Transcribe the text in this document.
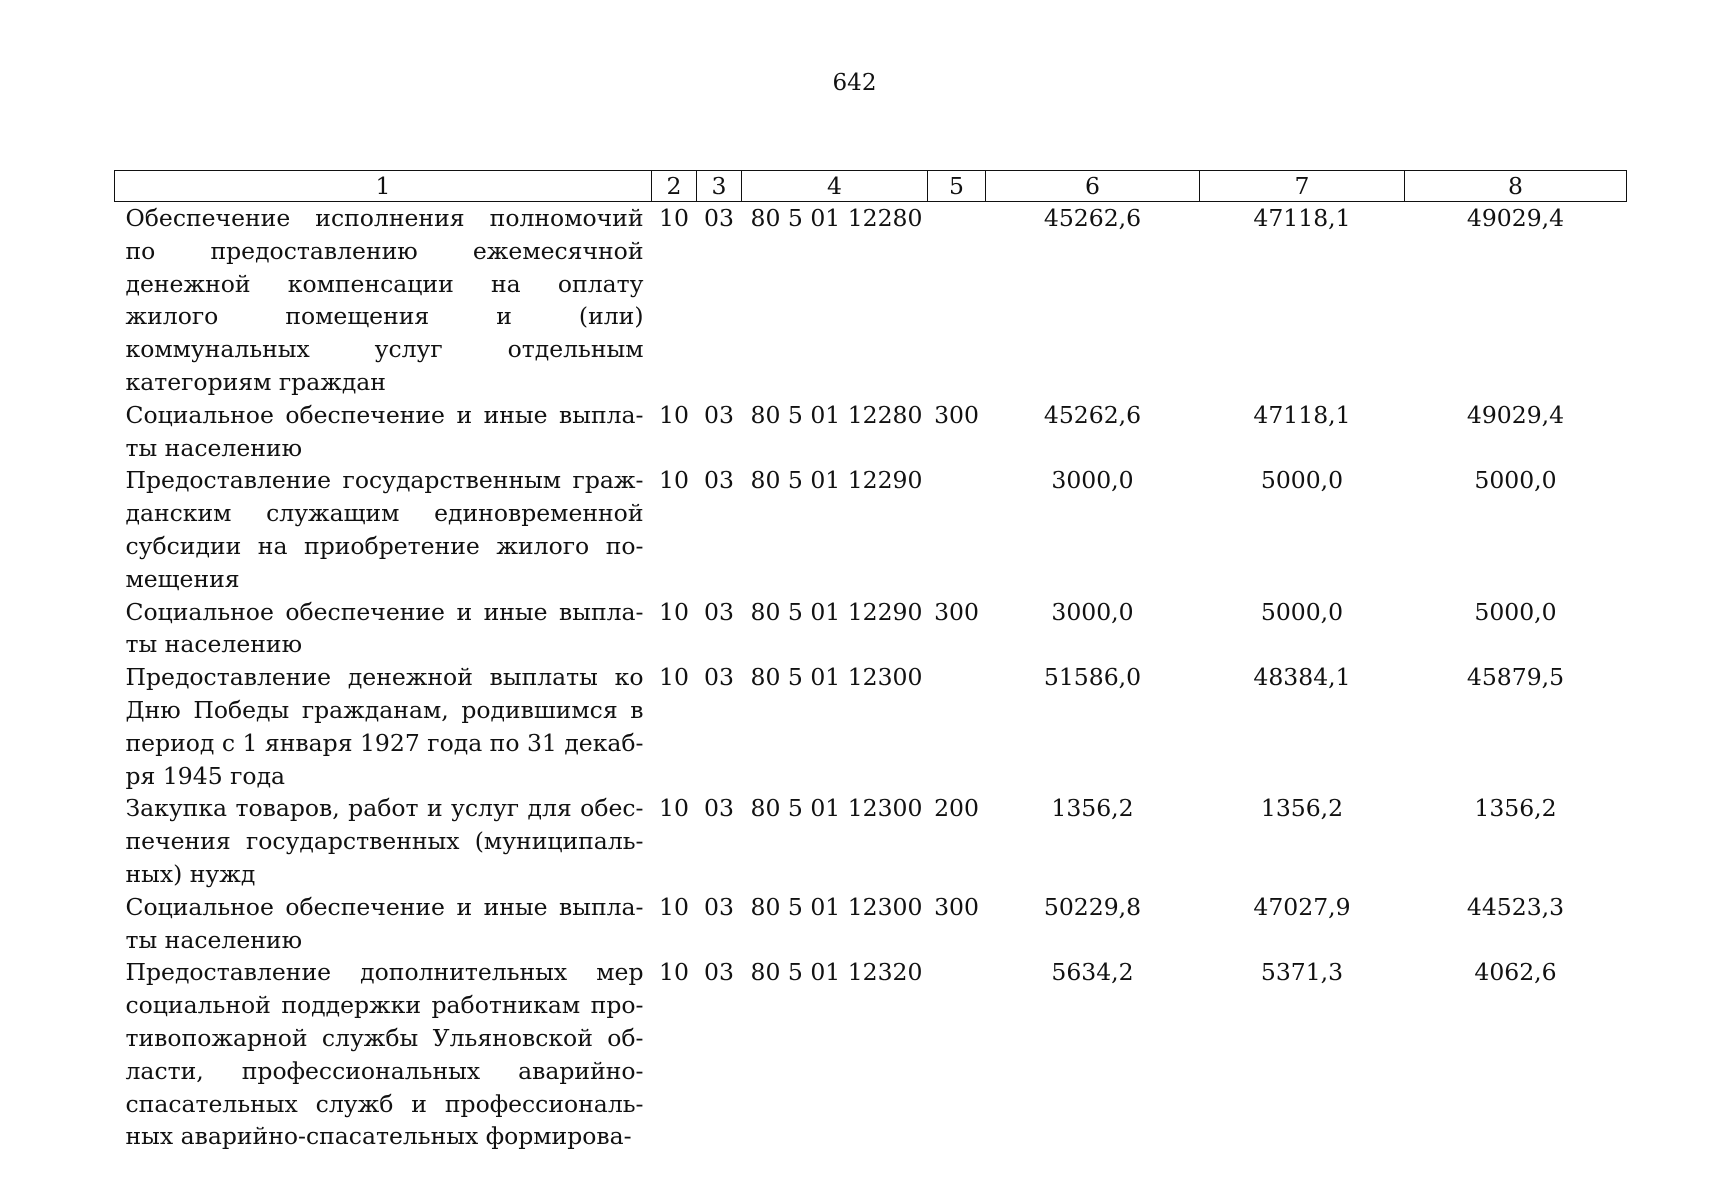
642
1	2	3	4	5	6	7	8
Обеспечение исполнения полномочий по предоставлению ежемесячной денежной компенсации на оплату жилого помещения и (или) коммунальных услуг отдельным категориям граждан	10	03	80 5 01 12280		45262,6	47118,1	49029,4
Социальное обеспечение и иные выплаты населению	10	03	80 5 01 12280	300	45262,6	47118,1	49029,4
Предоставление государственным гражданским служащим единовременной субсидии на приобретение жилого помещения	10	03	80 5 01 12290		3000,0	5000,0	5000,0
Социальное обеспечение и иные выплаты населению	10	03	80 5 01 12290	300	3000,0	5000,0	5000,0
Предоставление денежной выплаты ко Дню Победы гражданам, родившимся в период с 1 января 1927 года по 31 декабря 1945 года	10	03	80 5 01 12300		51586,0	48384,1	45879,5
Закупка товаров, работ и услуг для обеспечения государственных (муниципальных) нужд	10	03	80 5 01 12300	200	1356,2	1356,2	1356,2
Социальное обеспечение и иные выплаты населению	10	03	80 5 01 12300	300	50229,8	47027,9	44523,3
Предоставление дополнительных мер социальной поддержки работникам противопожарной службы Ульяновской области, профессиональных аварийно-спасательных служб и профессиональных аварийно-спасательных формирова-	10	03	80 5 01 12320		5634,2	5371,3	4062,6
